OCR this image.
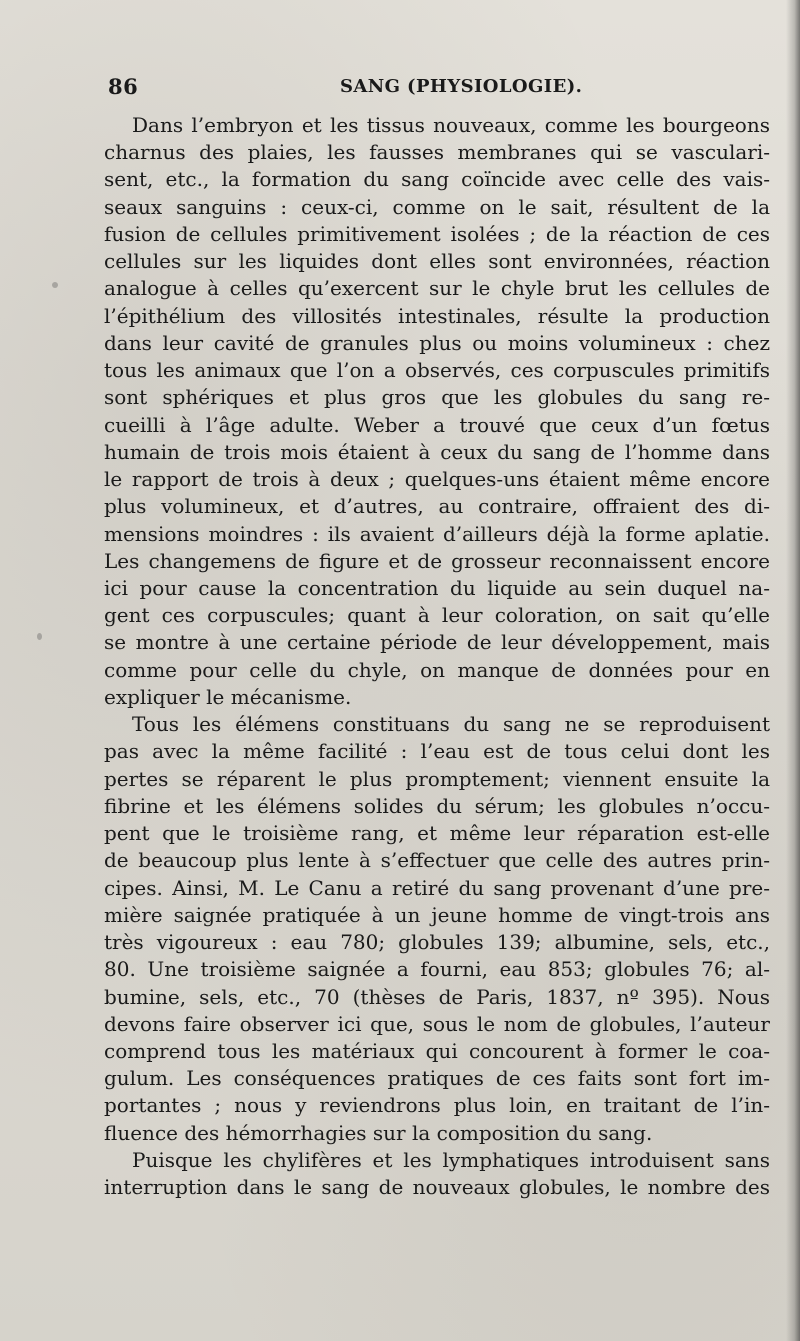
86	SANG (PHYSIOLOGIE).
Dans l’embryon et les tissus nouveaux, comme les bourgeons
charnus des plaies, les fausses membranes qui se vasculari-
sent, etc., la formation du sang coïncide avec celle des vais-
seaux sanguins : ceux-ci, comme on le sait, résultent de la
fusion de cellules primitivement isolées ; de la réaction de ces
cellules sur les liquides dont elles sont environnées, réaction
analogue à celles qu’exercent sur le chyle brut les cellules de
l’épithélium des villosités intestinales, résulte la production
dans leur cavité de granules plus ou moins volumineux : chez
tous les animaux que l’on a observés, ces corpuscules primitifs
sont sphériques et plus gros que les globules du sang re-
cueilli à l’âge adulte. Weber a trouvé que ceux d’un fœtus
humain de trois mois étaient à ceux du sang de l’homme dans
le rapport de trois à deux ; quelques-uns étaient même encore
plus volumineux, et d’autres, au contraire, offraient des di-
mensions moindres : ils avaient d’ailleurs déjà la forme aplatie.
Les changemens de figure et de grosseur reconnaissent encore
ici pour cause la concentration du liquide au sein duquel na-
gent ces corpuscules; quant à leur coloration, on sait qu’elle
se montre à une certaine période de leur développement, mais
comme pour celle du chyle, on manque de données pour en
expliquer le mécanisme.
Tous les élémens constituans du sang ne se reproduisent
pas avec la même facilité : l’eau est de tous celui dont les
pertes se réparent le plus promptement; viennent ensuite la
fibrine et les élémens solides du sérum; les globules n’occu-
pent que le troisième rang, et même leur réparation est-elle
de beaucoup plus lente à s’effectuer que celle des autres prin-
cipes. Ainsi, M. Le Canu a retiré du sang provenant d’une pre-
mière saignée pratiquée à un jeune homme de vingt-trois ans
très vigoureux : eau 780; globules 139; albumine, sels, etc.,
80. Une troisième saignée a fourni, eau 853; globules 76; al-
bumine, sels, etc., 70 (thèses de Paris, 1837, nº 395). Nous
devons faire observer ici que, sous le nom de globules, l’auteur
comprend tous les matériaux qui concourent à former le coa-
gulum. Les conséquences pratiques de ces faits sont fort im-
portantes ; nous y reviendrons plus loin, en traitant de l’in-
fluence des hémorrhagies sur la composition du sang.
Puisque les chylifères et les lymphatiques introduisent sans
interruption dans le sang de nouveaux globules, le nombre des
